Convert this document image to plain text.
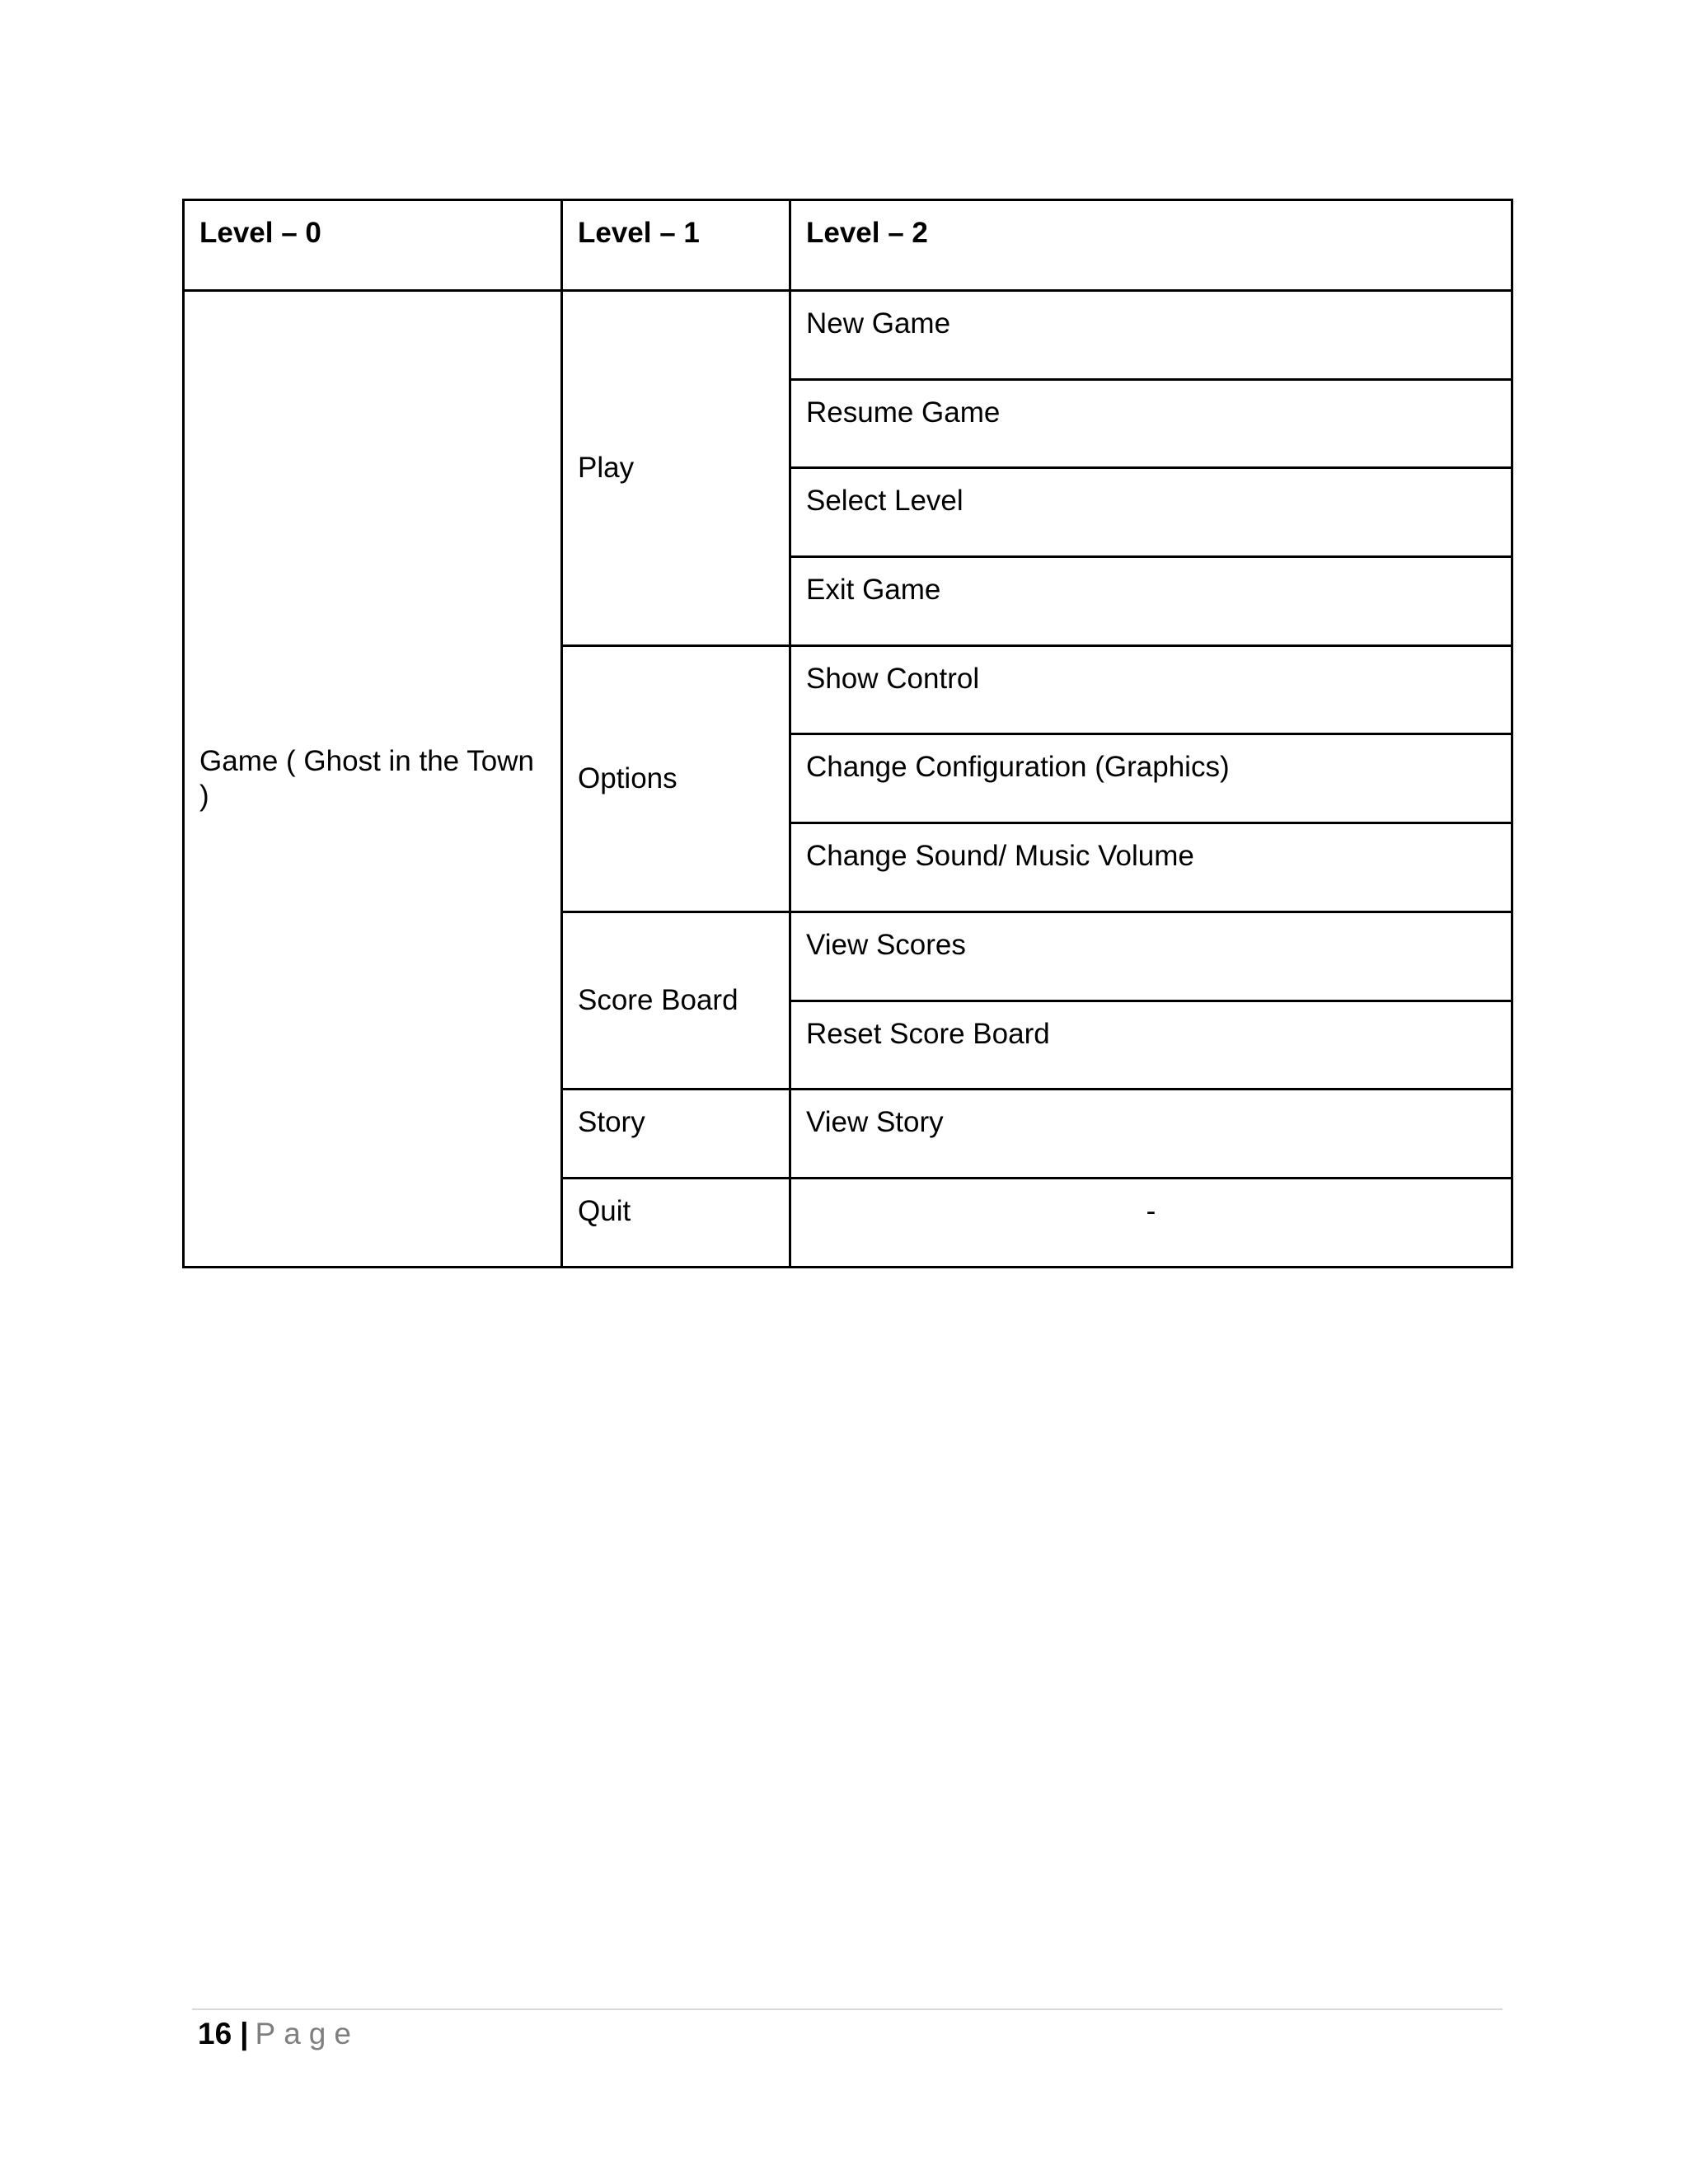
Level – 0	Level – 1	Level – 2
Game ( Ghost in the Town )	Play	New Game
		Resume Game
		Select Level
		Exit Game
	Options	Show Control
		Change Configuration (Graphics)
		Change Sound/ Music Volume
	Score Board	View Scores
		Reset Score Board
	Story	View Story
	Quit	-
16 | Page
